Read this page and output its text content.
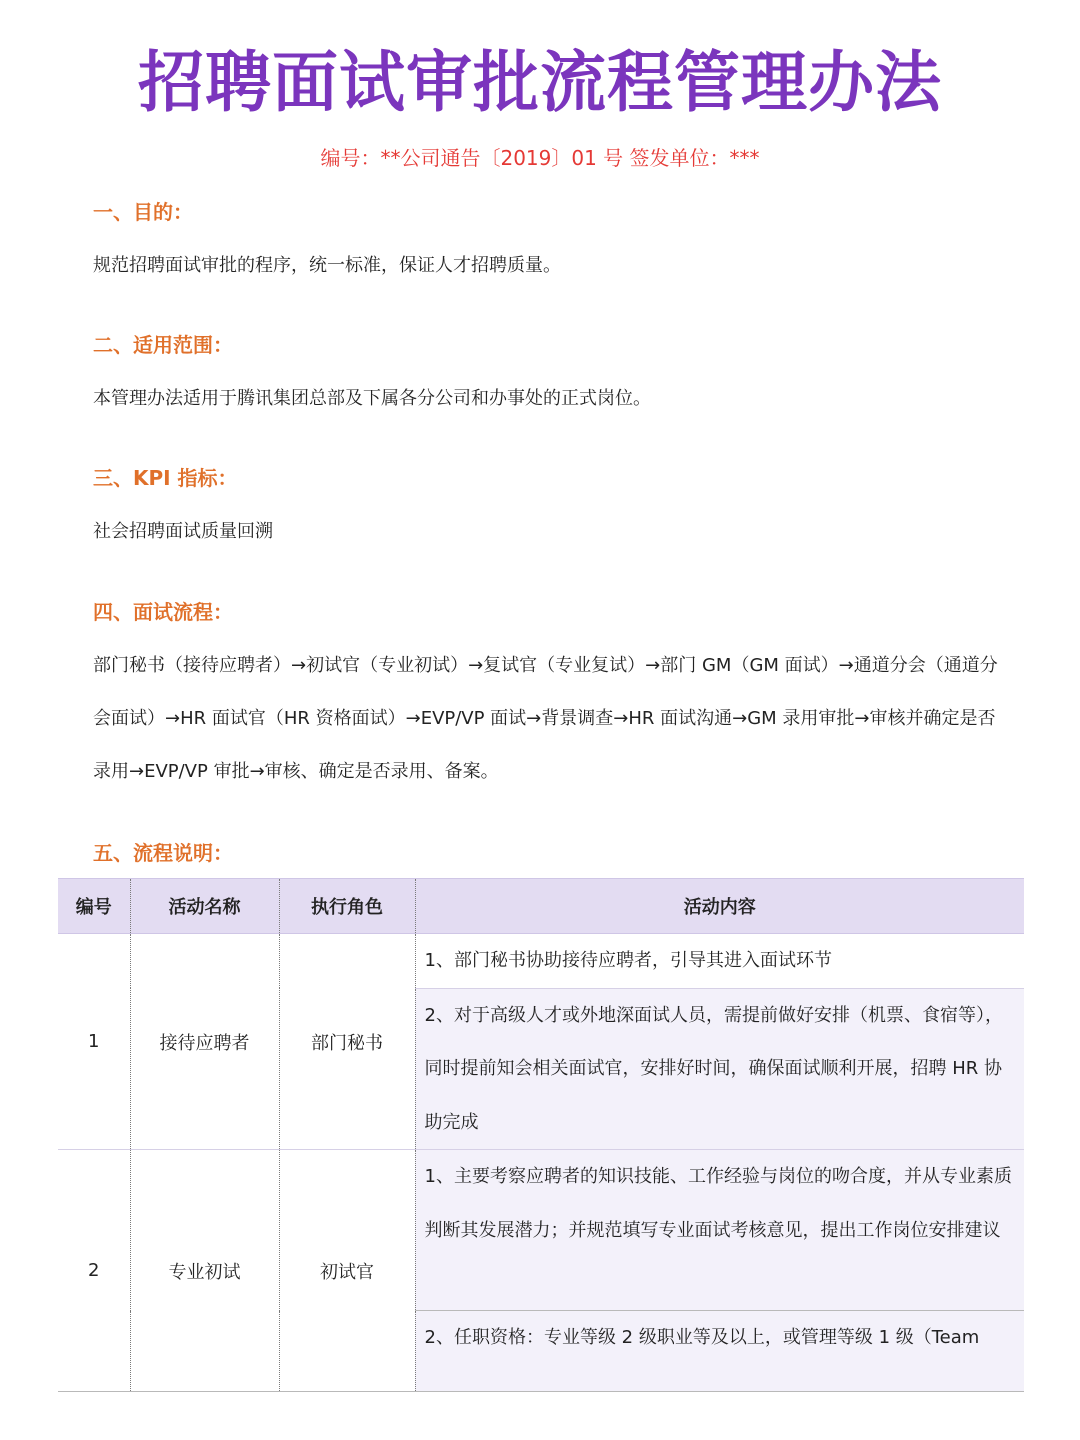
招聘面试审批流程管理办法
编号：**公司通告〔2019〕01 号 签发单位：***
一、目的：
规范招聘面试审批的程序，统一标准，保证人才招聘质量。
二、适用范围：
本管理办法适用于腾讯集团总部及下属各分公司和办事处的正式岗位。
三、KPI 指标：
社会招聘面试质量回溯
四、面试流程：
部门秘书（接待应聘者）→初试官（专业初试）→复试官（专业复试）→部门 GM（GM 面试）→通道分会（通道分会面试）→HR 面试官（HR 资格面试）→EVP/VP 面试→背景调查→HR 面试沟通→GM 录用审批→审核并确定是否录用→EVP/VP 审批→审核、确定是否录用、备案。
五、流程说明：
编号	活动名称	执行角色	活动内容
1	接待应聘者	部门秘书	1、部门秘书协助接待应聘者，引导其进入面试环节
			2、对于高级人才或外地深面试人员，需提前做好安排（机票、食宿等），同时提前知会相关面试官，安排好时间，确保面试顺利开展，招聘 HR 协助完成
2	专业初试	初试官	1、主要考察应聘者的知识技能、工作经验与岗位的吻合度，并从专业素质判断其发展潜力；并规范填写专业面试考核意见，提出工作岗位安排建议
			2、任职资格：专业等级 2 级职业等及以上，或管理等级 1 级（Team
